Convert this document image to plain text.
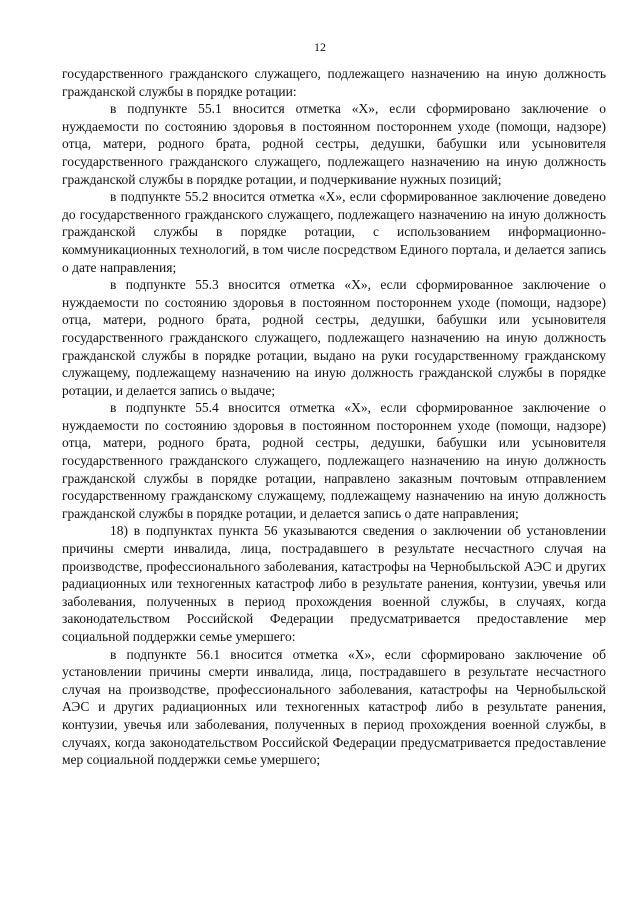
12

государственного гражданского служащего, подлежащего назначению на иную должность гражданской службы в порядке ротации:

в подпункте 55.1 вносится отметка «Х», если сформировано заключение о нуждаемости по состоянию здоровья в постоянном постороннем уходе (помощи, надзоре) отца, матери, родного брата, родной сестры, дедушки, бабушки или усыновителя государственного гражданского служащего, подлежащего назначению на иную должность гражданской службы в порядке ротации, и подчеркивание нужных позиций;

в подпункте 55.2 вносится отметка «Х», если сформированное заключение доведено до государственного гражданского служащего, подлежащего назначению на иную должность гражданской службы в порядке ротации, с использованием информационно-коммуникационных технологий, в том числе посредством Единого портала, и делается запись о дате направления;

в подпункте 55.3 вносится отметка «Х», если сформированное заключение о нуждаемости по состоянию здоровья в постоянном постороннем уходе (помощи, надзоре) отца, матери, родного брата, родной сестры, дедушки, бабушки или усыновителя государственного гражданского служащего, подлежащего назначению на иную должность гражданской службы в порядке ротации, выдано на руки государственному гражданскому служащему, подлежащему назначению на иную должность гражданской службы в порядке ротации, и делается запись о выдаче;

в подпункте 55.4 вносится отметка «Х», если сформированное заключение о нуждаемости по состоянию здоровья в постоянном постороннем уходе (помощи, надзоре) отца, матери, родного брата, родной сестры, дедушки, бабушки или усыновителя государственного гражданского служащего, подлежащего назначению на иную должность гражданской службы в порядке ротации, направлено заказным почтовым отправлением государственному гражданскому служащему, подлежащему назначению на иную должность гражданской службы в порядке ротации, и делается запись о дате направления;

18) в подпунктах пункта 56 указываются сведения о заключении об установлении причины смерти инвалида, лица, пострадавшего в результате несчастного случая на производстве, профессионального заболевания, катастрофы на Чернобыльской АЭС и других радиационных или техногенных катастроф либо в результате ранения, контузии, увечья или заболевания, полученных в период прохождения военной службы, в случаях, когда законодательством Российской Федерации предусматривается предоставление мер социальной поддержки семье умершего:

в подпункте 56.1 вносится отметка «Х», если сформировано заключение об установлении причины смерти инвалида, лица, пострадавшего в результате несчастного случая на производстве, профессионального заболевания, катастрофы на Чернобыльской АЭС и других радиационных или техногенных катастроф либо в результате ранения, контузии, увечья или заболевания, полученных в период прохождения военной службы, в случаях, когда законодательством Российской Федерации предусматривается предоставление мер социальной поддержки семье умершего;
